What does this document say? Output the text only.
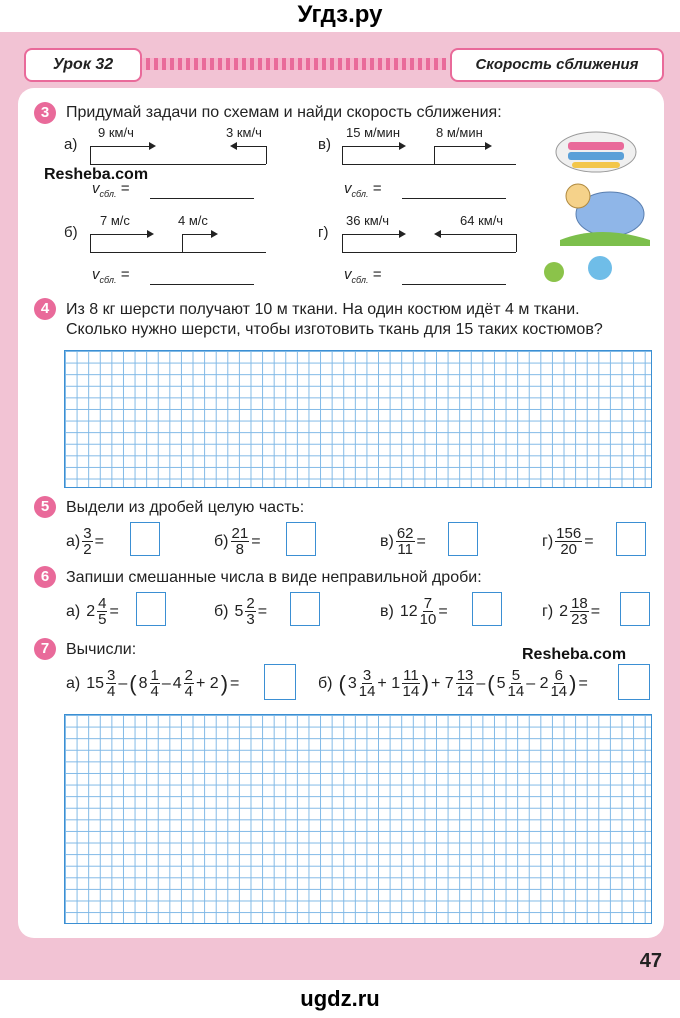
Угдз.ру
Урок 32	Скорость сближения
3	Придумай задачи по схемам и найди скорость сближения:
а)
9 км/ч	3 км/ч
$v_{сбл.}$ =
в)
15 м/мин	8 м/мин
$v_{сбл.}$ =
б)
7 м/с	4 м/с
$v_{сбл.}$ =
г)
36 км/ч	64 км/ч
$v_{сбл.}$ =
Resheba.com
4	Из 8 кг шерсти получают 10 м ткани. На один костюм идёт 4 м ткани.
Сколько нужно шерсти, чтобы изготовить ткань для 15 таких костюмов?
5	Выдели из дробей целую часть:
$а) \frac{3}{2}$ =	$б) \frac{21}{8}$ =	$в) \frac{62}{11}$ =	$г) \frac{156}{20}$ =
6	Запиши смешанные числа в виде неправильной дроби:
а) $2 \frac{4}{5}$ =	б) $5 \frac{2}{3}$ =	в) $12 \frac{7}{10}$ =	г) $2 \frac{18}{23}$ =
7	Вычисли:	Resheba.com
а) $15 \frac{3}{4}$ – ( $8 \frac{1}{4} - 4 \frac{2}{4} + 2$ ) =	б) ( $3 \frac{3}{14} + 1 \frac{11}{14}$ ) + $7 \frac{13}{14}$ – ( $5 \frac{5}{14} - 2 \frac{6}{14}$ ) =
47
ugdz.ru
